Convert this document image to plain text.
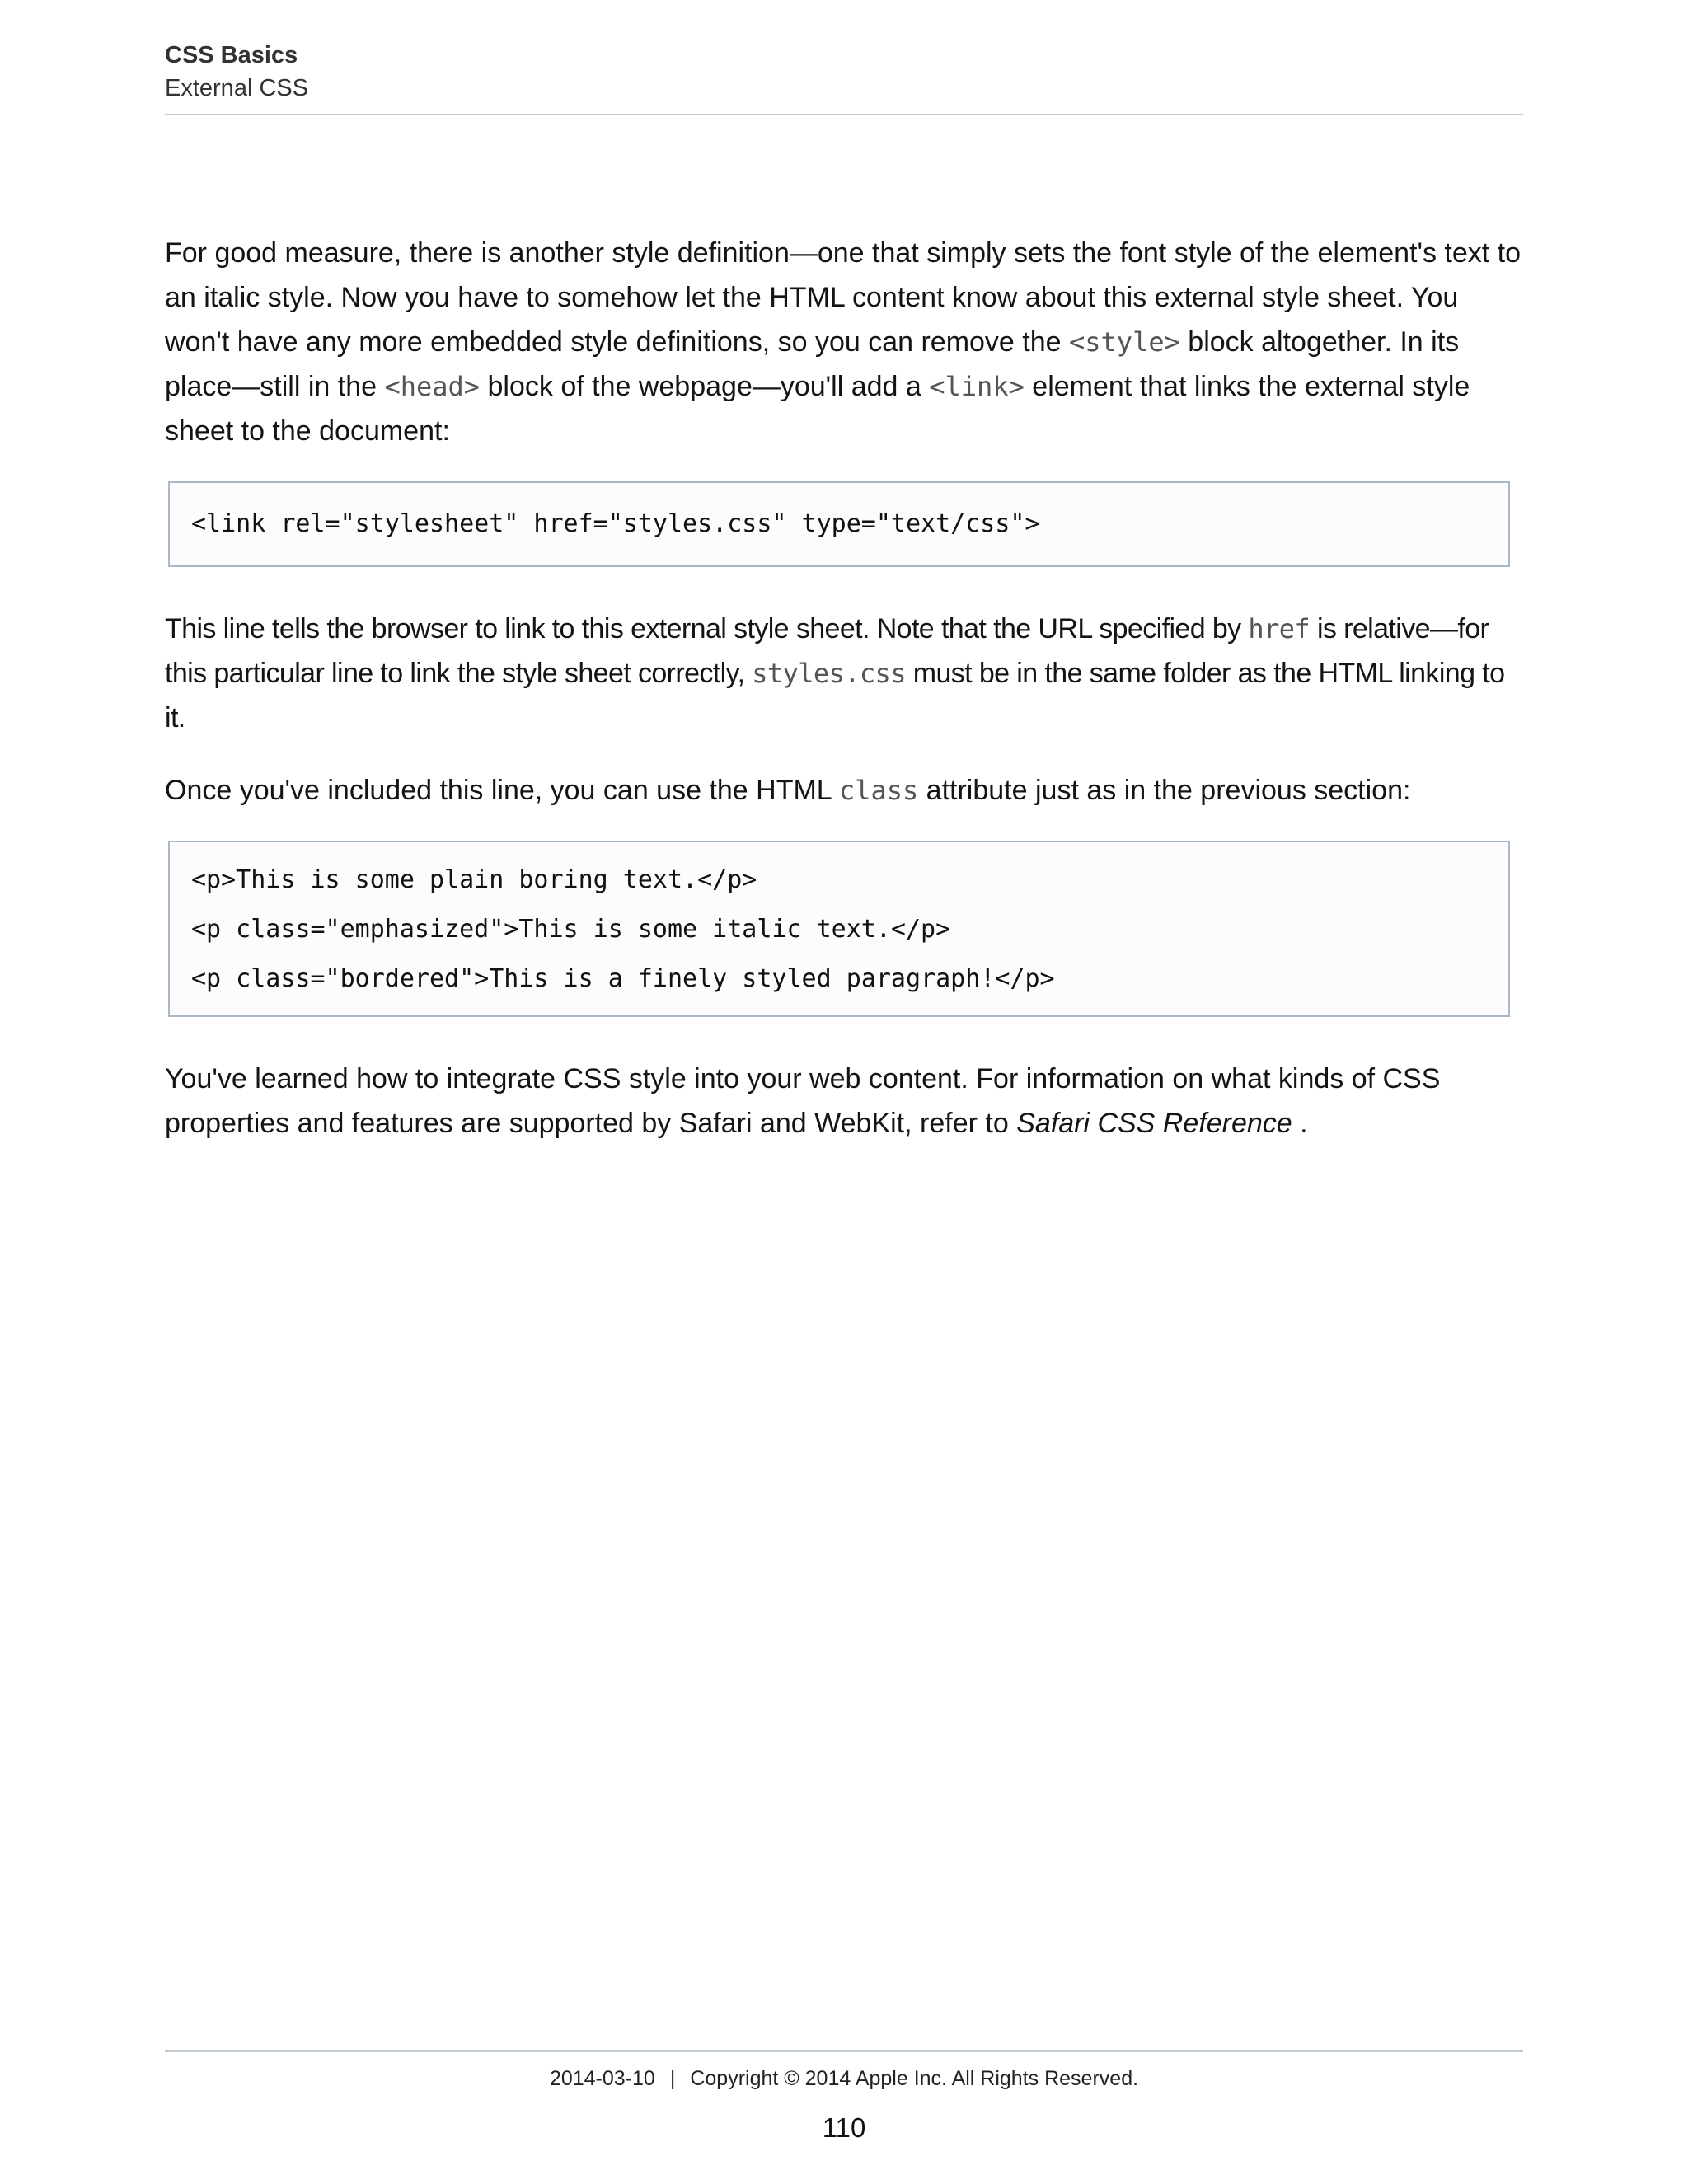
CSS Basics
External CSS

For good measure, there is another style definition—one that simply sets the font style of the element's text to an italic style. Now you have to somehow let the HTML content know about this external style sheet. You won't have any more embedded style definitions, so you can remove the <style> block altogether. In its place—still in the <head> block of the webpage—you'll add a <link> element that links the external style sheet to the document:

<link rel="stylesheet" href="styles.css" type="text/css">

This line tells the browser to link to this external style sheet. Note that the URL specified by href is relative—for this particular line to link the style sheet correctly, styles.css must be in the same folder as the HTML linking to it.

Once you've included this line, you can use the HTML class attribute just as in the previous section:

<p>This is some plain boring text.</p>
<p class="emphasized">This is some italic text.</p>
<p class="bordered">This is a finely styled paragraph!</p>

You've learned how to integrate CSS style into your web content. For information on what kinds of CSS properties and features are supported by Safari and WebKit, refer to Safari CSS Reference .

2014-03-10 | Copyright © 2014 Apple Inc. All Rights Reserved.
110
